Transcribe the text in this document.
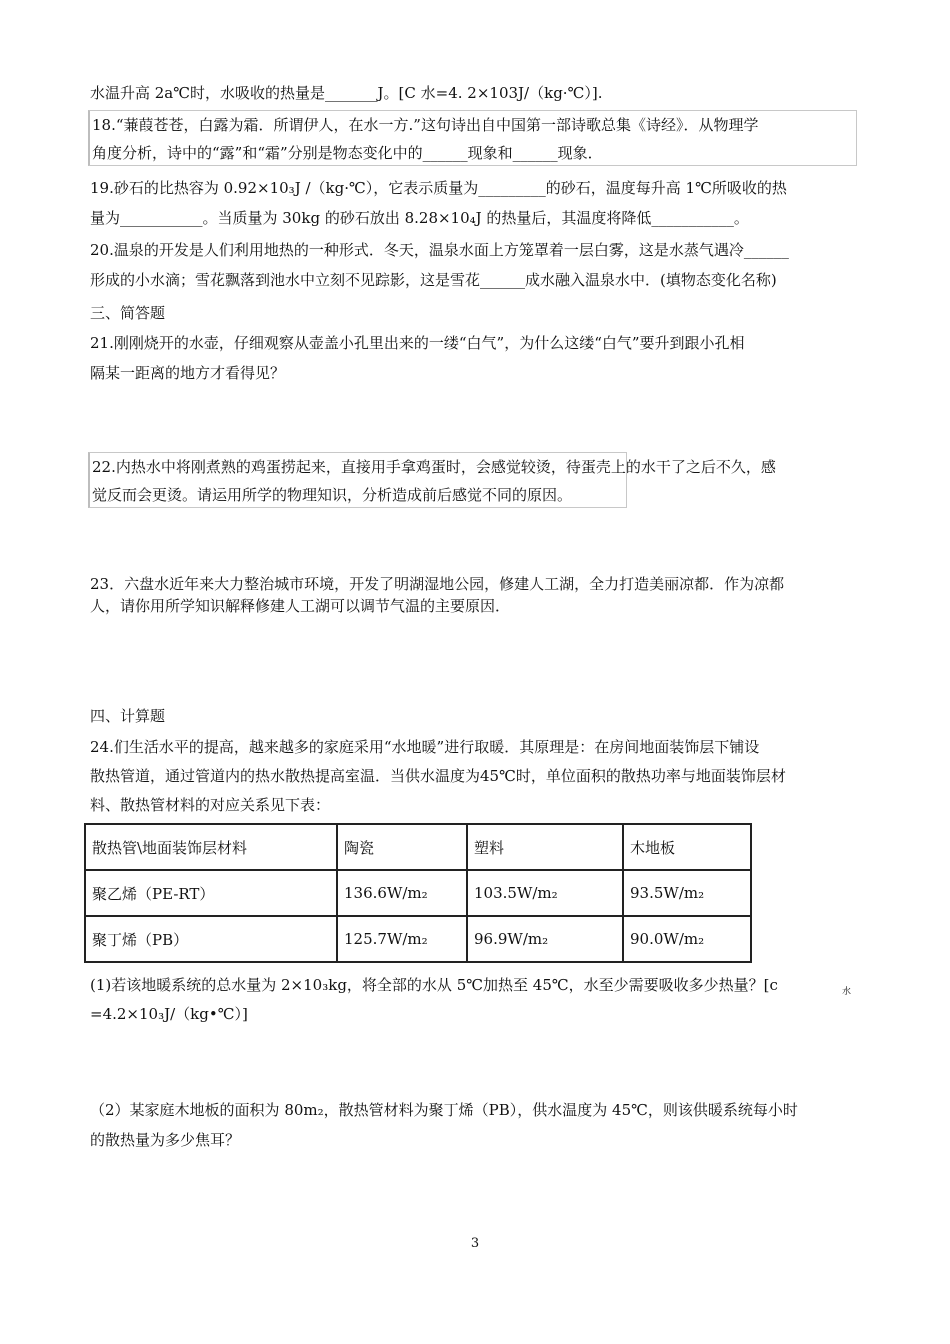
水温升高 2a℃时，水吸收的热量是_______J。[C 水=4. 2×103J/（kg·℃）].
18.“蒹葭苍苍，白露为霜．所谓伊人，在水一方.”这句诗出自中国第一部诗歌总集《诗经》．从物理学
角度分析，诗中的“露”和“霜”分别是物态变化中的______现象和______现象．
19.砂石的比热容为 0.92×10₃J /（kg·℃），它表示质量为_________的砂石，温度每升高 1℃所吸收的热
量为___________。当质量为 30kg 的砂石放出 8.28×10₄J 的热量后，其温度将降低___________。
20.温泉的开发是人们利用地热的一种形式．冬天，温泉水面上方笼罩着一层白雾，这是水蒸气遇冷______
形成的小水滴；雪花飘落到池水中立刻不见踪影，这是雪花______成水融入温泉水中．(填物态变化名称)
三、简答题
21.刚刚烧开的水壶，仔细观察从壶盖小孔里出来的一缕“白气”，为什么这缕“白气”要升到跟小孔相
隔某一距离的地方才看得见？
22.内热水中将刚煮熟的鸡蛋捞起来，直接用手拿鸡蛋时，会感觉较烫，待蛋壳上的水干了之后不久，感
觉反而会更烫。请运用所学的物理知识，分析造成前后感觉不同的原因。
23．六盘水近年来大力整治城市环境，开发了明湖湿地公园，修建人工湖，全力打造美丽凉都．作为凉都
人，请你用所学知识解释修建人工湖可以调节气温的主要原因．
四、计算题
24.们生活水平的提高，越来越多的家庭采用“水地暖”进行取暖．其原理是：在房间地面装饰层下铺设
散热管道，通过管道内的热水散热提高室温．当供水温度为45℃时，单位面积的散热功率与地面装饰层材
料、散热管材料的对应关系见下表：
散热管\地面装饰层材料	陶瓷	塑料	木地板
聚乙烯（PE-RT）	136.6W/m₂	103.5W/m₂	93.5W/m₂
聚丁烯（PB）	125.7W/m₂	96.9W/m₂	90.0W/m₂
(1)若该地暖系统的总水量为 2×10₃kg，将全部的水从 5℃加热至 45℃，水至少需要吸收多少热量？[c	水
=4.2×10₃J/（kg•℃）]
（2）某家庭木地板的面积为 80m₂，散热管材料为聚丁烯（PB），供水温度为 45℃，则该供暖系统每小时
的散热量为多少焦耳？
3
